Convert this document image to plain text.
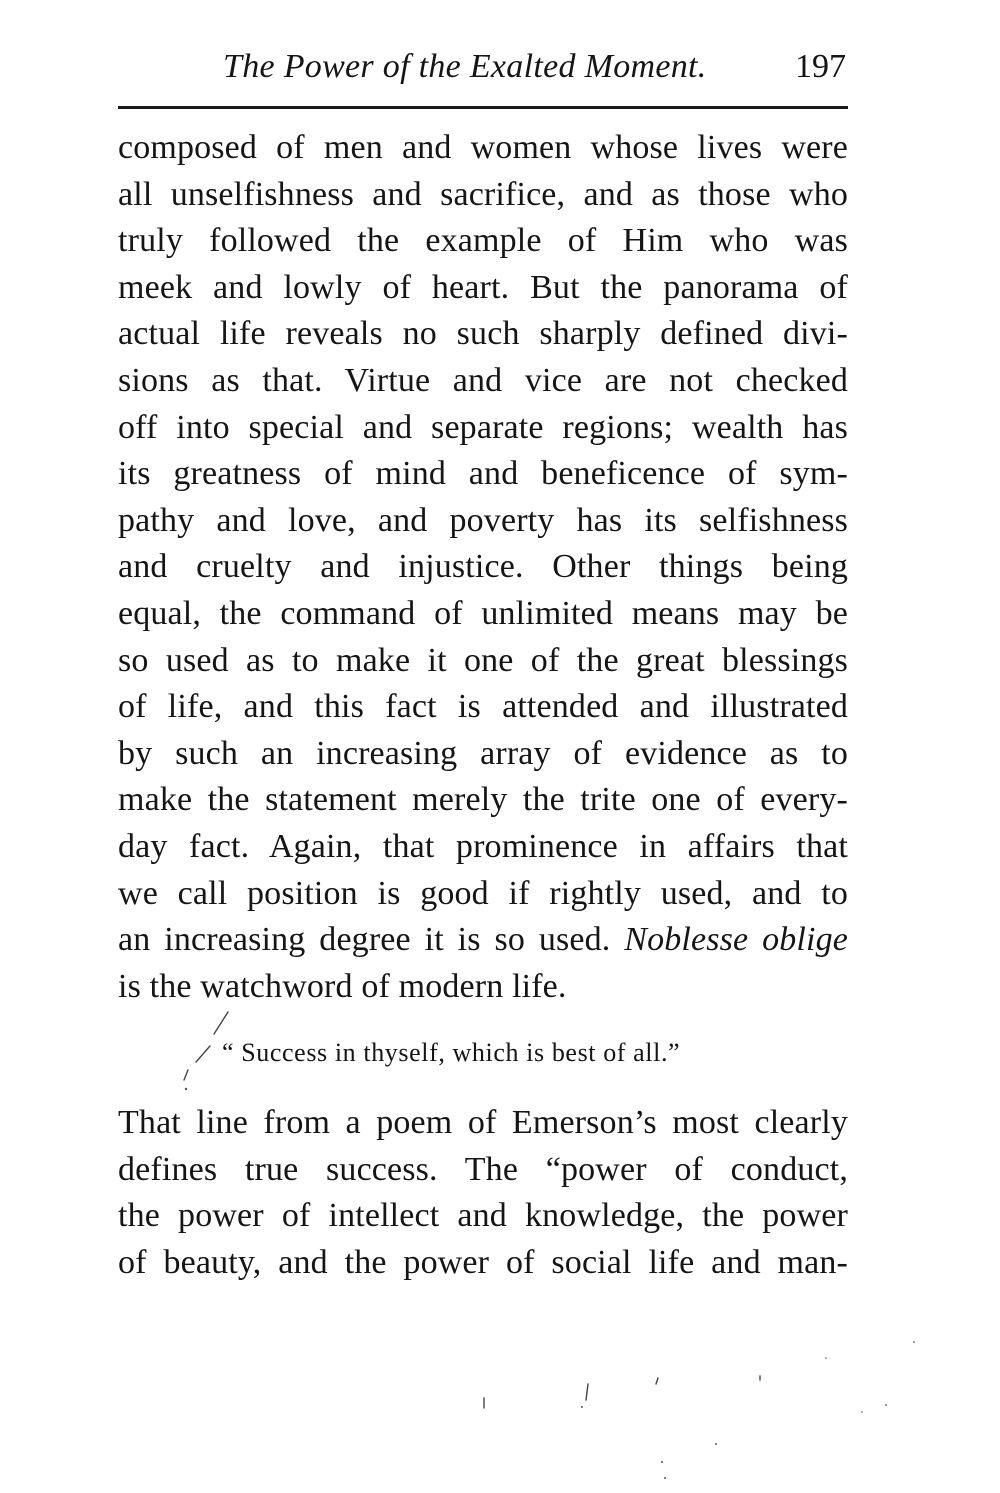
The Power of the Exalted Moment.	197
composed of men and women whose lives were
all unselfishness and sacrifice, and as those who
truly followed the example of Him who was
meek and lowly of heart. But the panorama of
actual life reveals no such sharply defined divi-
sions as that. Virtue and vice are not checked
off into special and separate regions; wealth has
its greatness of mind and beneficence of sym-
pathy and love, and poverty has its selfishness
and cruelty and injustice. Other things being
equal, the command of unlimited means may be
so used as to make it one of the great blessings
of life, and this fact is attended and illustrated
by such an increasing array of evidence as to
make the statement merely the trite one of every-
day fact. Again, that prominence in affairs that
we call position is good if rightly used, and to
an increasing degree it is so used. Noblesse oblige
is the watchword of modern life.
“ Success in thyself, which is best of all.”
That line from a poem of Emerson’s most clearly
defines true success. The “power of conduct,
the power of intellect and knowledge, the power
of beauty, and the power of social life and man-
